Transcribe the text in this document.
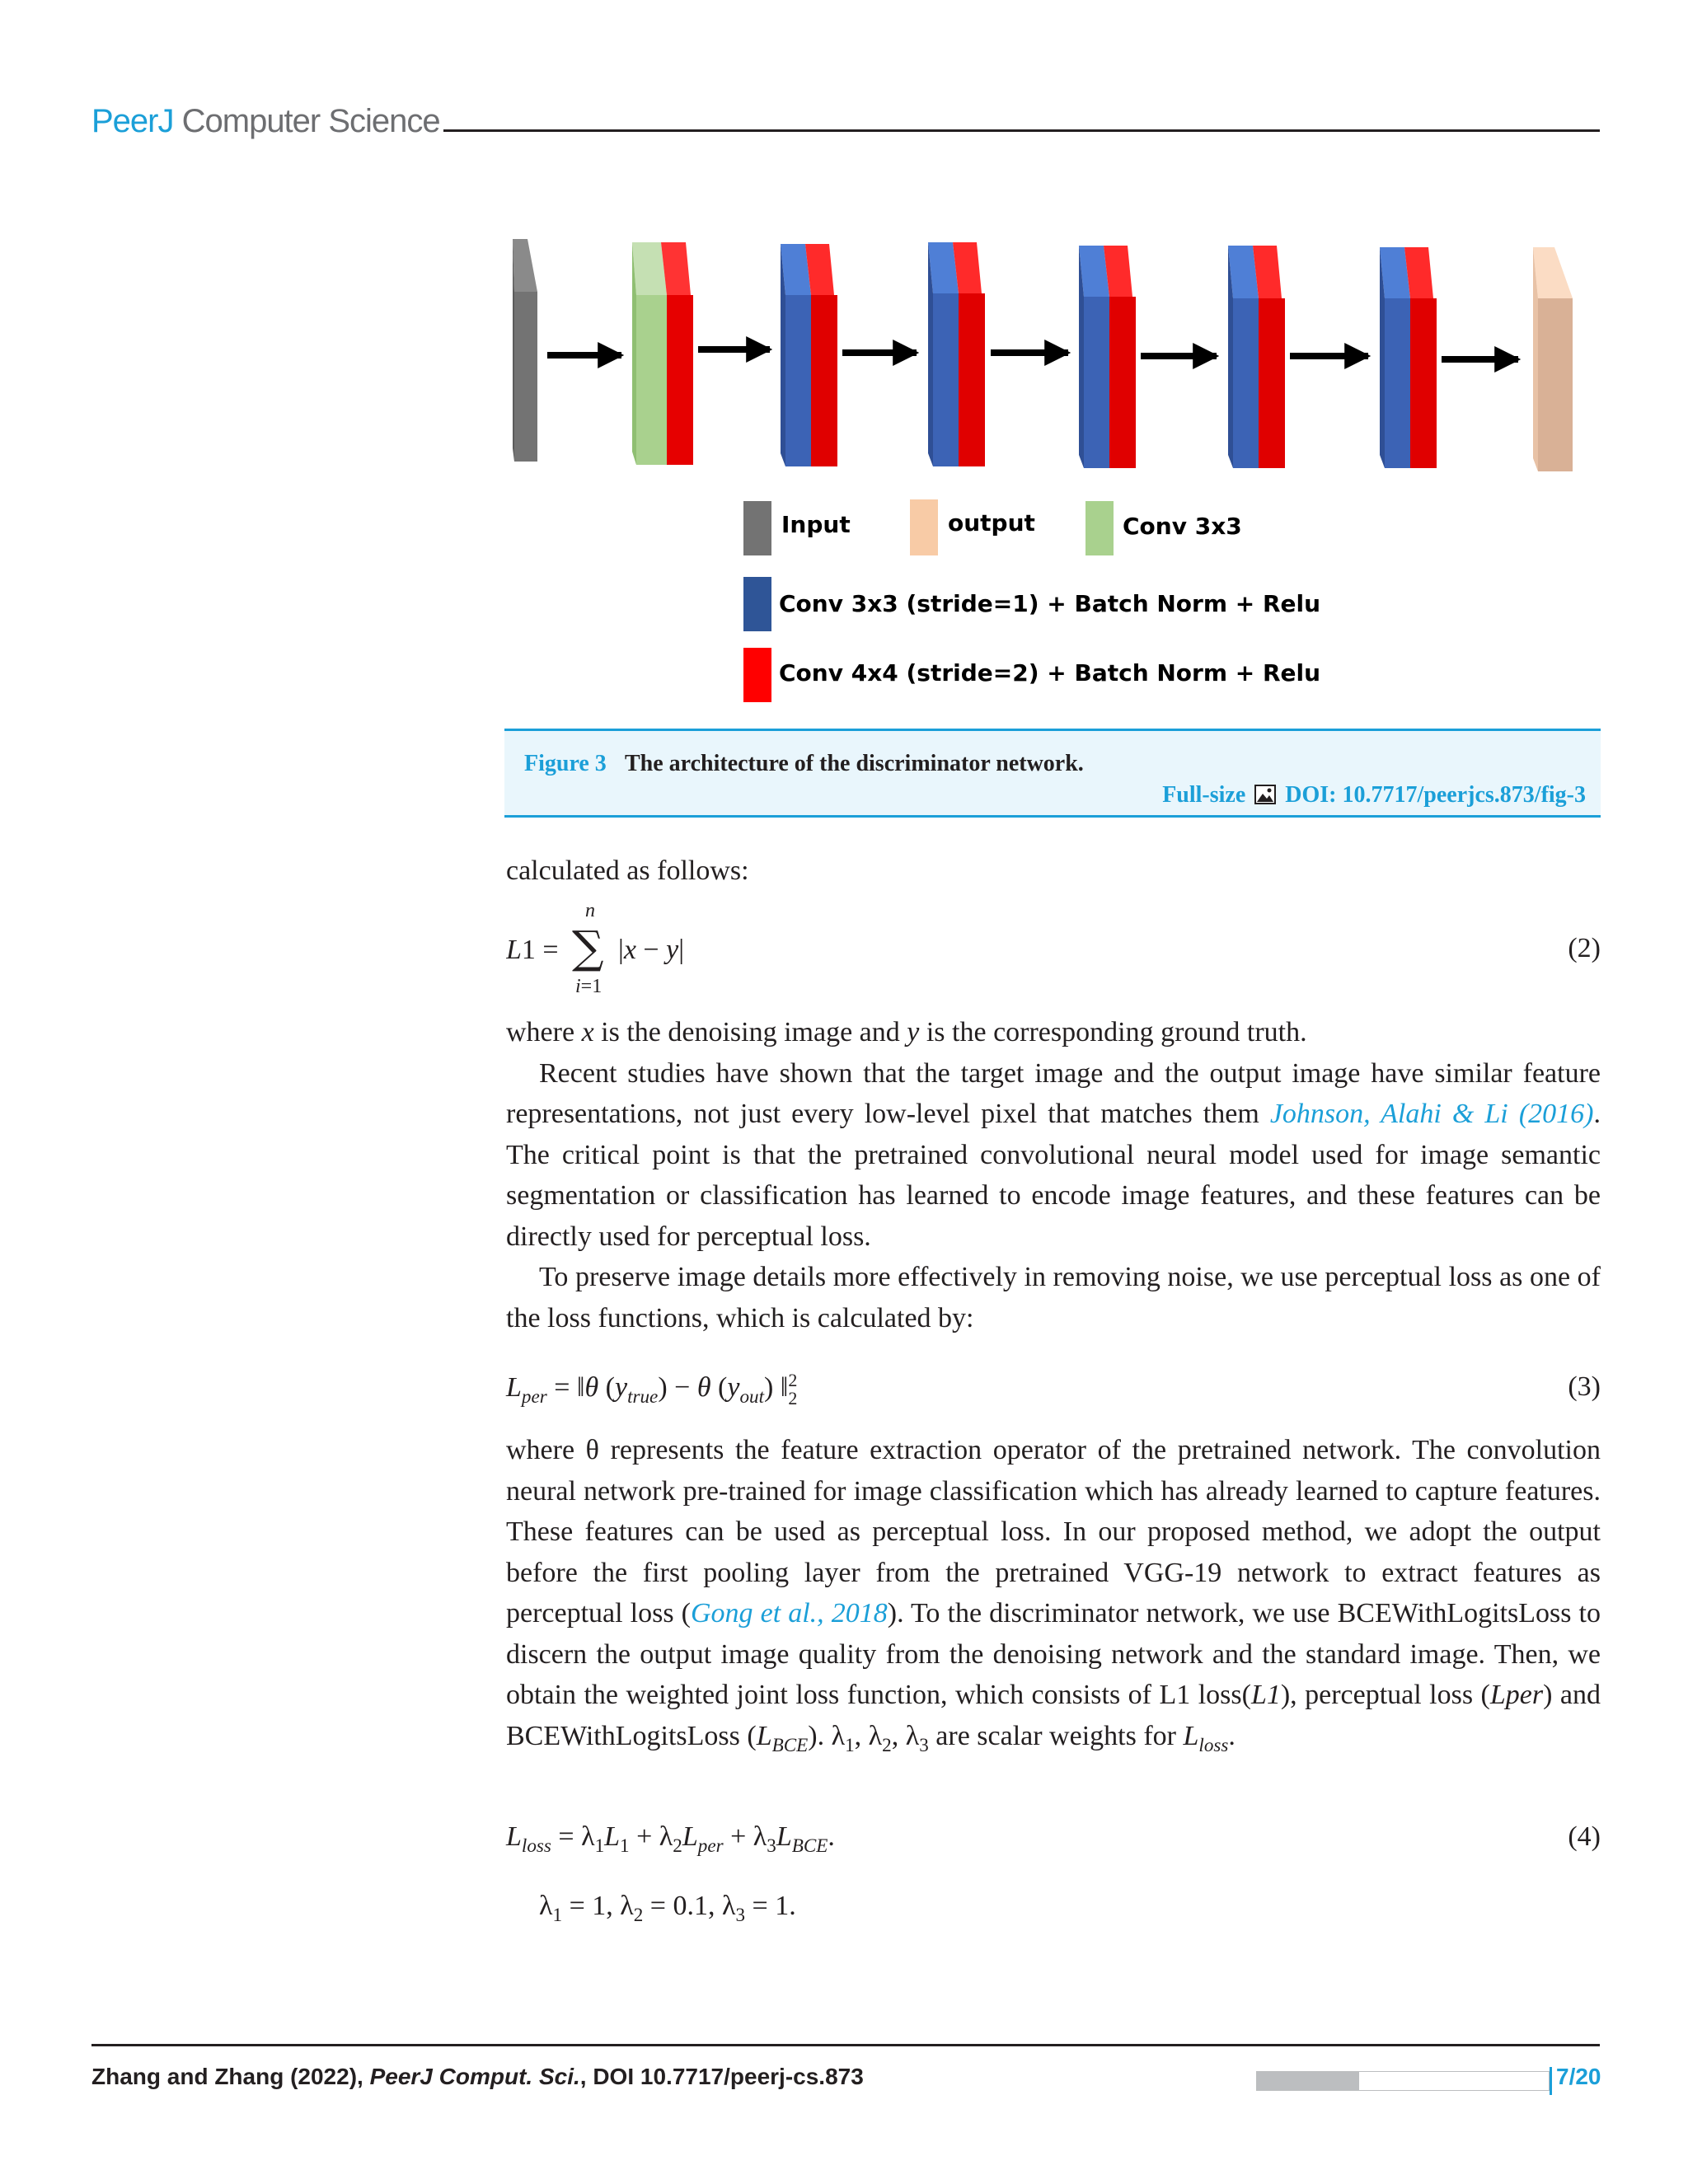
PeerJ Computer Science
Input	output	Conv 3x3
Conv 3x3 (stride=1) + Batch Norm + Relu
Conv 4x4 (stride=2) + Batch Norm + Relu
Figure 3 The architecture of the discriminator network.
Full-size DOI: 10.7717/peerjcs.873/fig-3

calculated as follows:

L1 = ∑
n
i=1
|x − y|	(2)

where x is the denoising image and y is the corresponding ground truth.

Recent studies have shown that the target image and the output image have similar feature representations, not just every low-level pixel that matches them Johnson, Alahi & Li (2016). The critical point is that the pretrained convolutional neural model used for image semantic segmentation or classification has learned to encode image features, and these features can be directly used for perceptual loss.

To preserve image details more effectively in removing noise, we use perceptual loss as one of the loss functions, which is calculated by:

$L_{per}$ = ‖θ $(y_{true}) - \theta$ $(y_{out})$ ‖2
2	(3)

where θ represents the feature extraction operator of the pretrained network. The convolution neural network pre-trained for image classification which has already learned to capture features. These features can be used as perceptual loss. In our proposed method, we adopt the output before the first pooling layer from the pretrained VGG-19 network to extract features as perceptual loss (Gong et al., 2018). To the discriminator network, we use BCEWithLogitsLoss to discern the output image quality from the denoising network and the standard image. Then, we obtain the weighted joint loss function, which consists of L1 loss(L1), perceptual loss (Lper) and BCEWithLogitsLoss $(L_{BCE})$. $\lambda_1$, $\lambda_2$, $\lambda_3$ are scalar weights for $L_{loss}$.

$L_{loss} = \lambda_1L_1 + \lambda_2L_{per} + \lambda_3L_{BCE}$.	(4)
$\lambda_1 = 1$, $\lambda_2 = 0.1$, $\lambda_3 = 1$.
Zhang and Zhang (2022), PeerJ Comput. Sci., DOI 10.7717/peerj-cs.873	7/20
